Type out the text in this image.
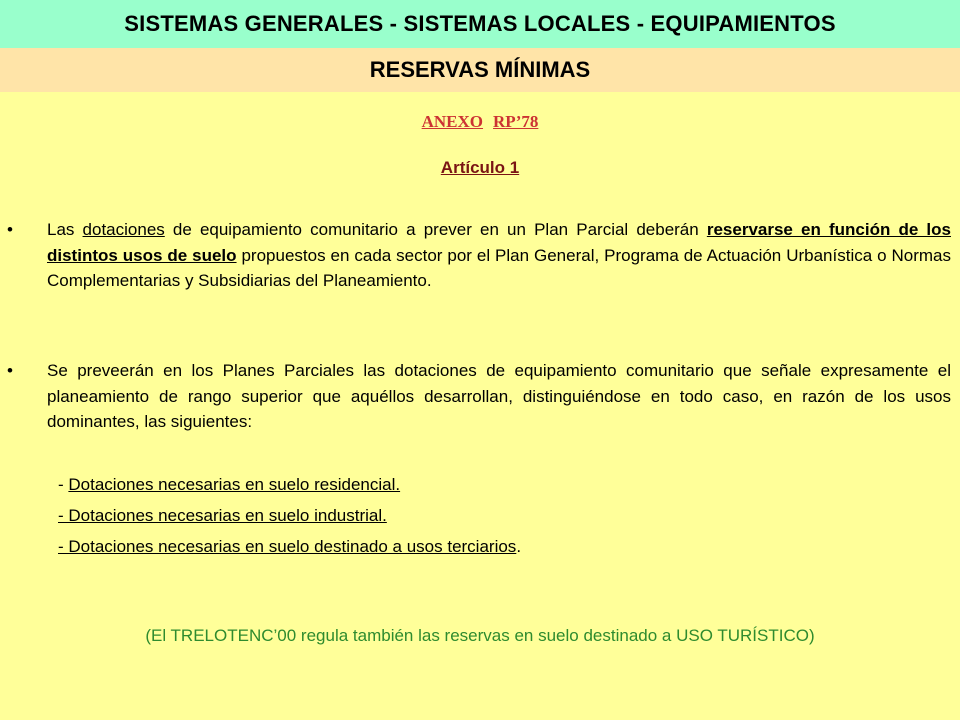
SISTEMAS GENERALES - SISTEMAS LOCALES - EQUIPAMIENTOS
RESERVAS MÍNIMAS
ANEXO RP’78
Artículo 1
• Las dotaciones de equipamiento comunitario a prever en un Plan Parcial deberán reservarse en función de los distintos usos de suelo propuestos en cada sector por el Plan General, Programa de Actuación Urbanística o Normas Complementarias y Subsidiarias del Planeamiento.
• Se preveerán en los Planes Parciales las dotaciones de equipamiento comunitario que señale expresamente el planeamiento de rango superior que aquéllos desarrollan, distinguiéndose en todo caso, en razón de los usos dominantes, las siguientes:
- Dotaciones necesarias en suelo residencial.
- Dotaciones necesarias en suelo industrial.
- Dotaciones necesarias en suelo destinado a usos terciarios.
(El TRELOTENC’00 regula también las reservas en suelo destinado a USO TURÍSTICO)
